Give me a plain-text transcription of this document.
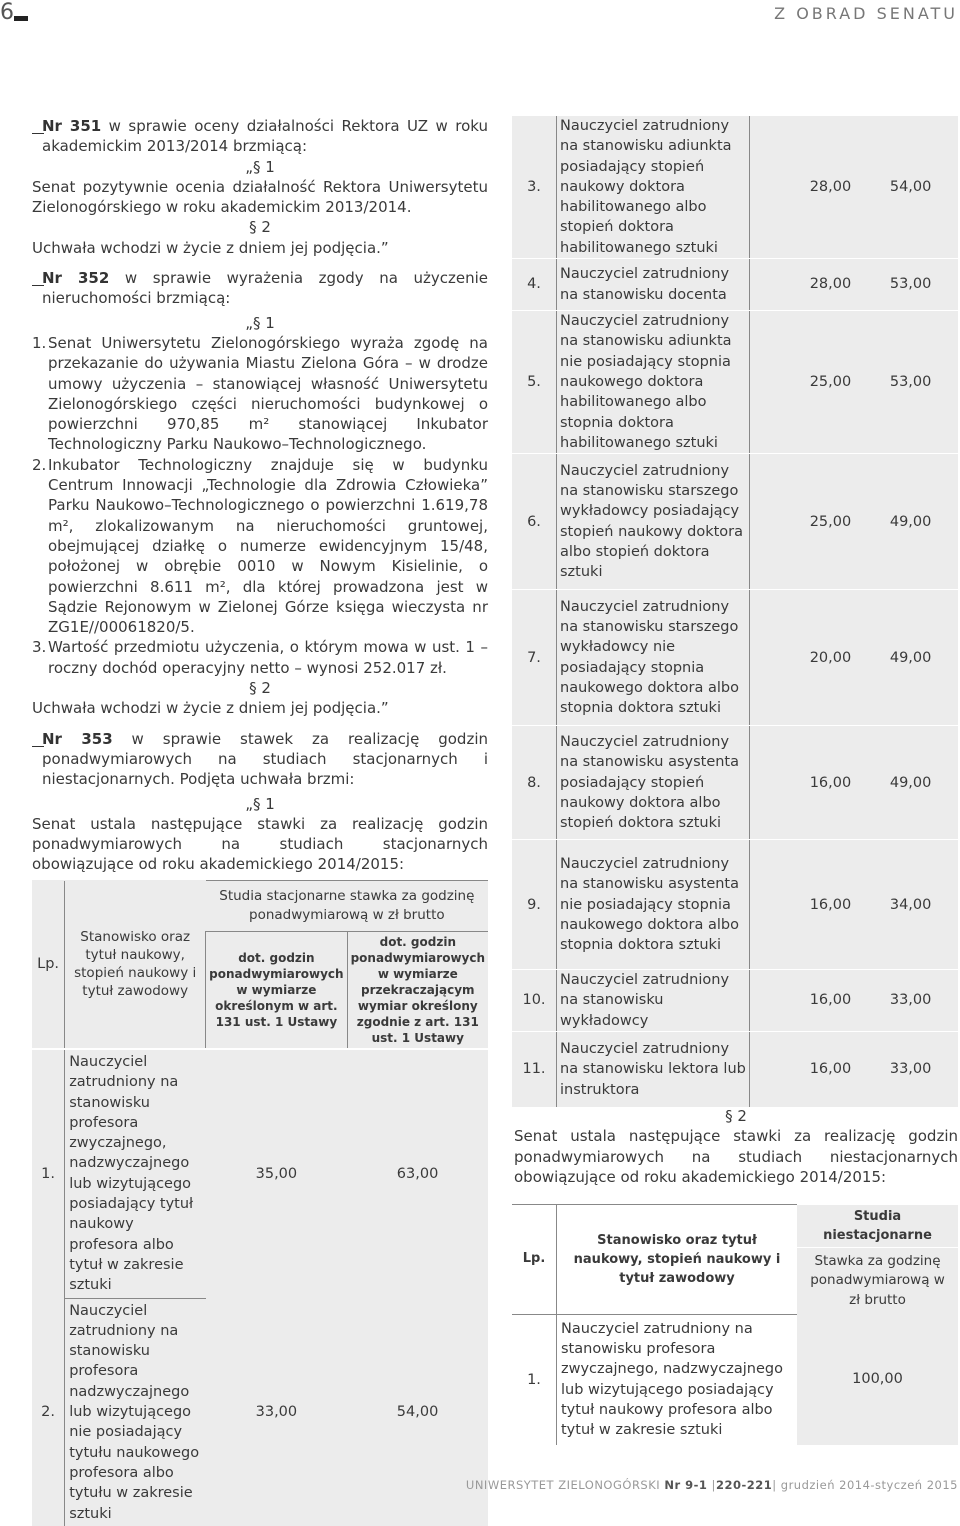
6	Z OBRAD SENATU

Nr 351 w sprawie oceny działalności Rektora UZ w roku akademickim 2013/2014 brzmiącą:

„§ 1

Senat pozytywnie ocenia działalność Rektora Uniwersytetu Zielonogórskiego w roku akademickim 2013/2014.

§ 2

Uchwała wchodzi w życie z dniem jej podjęcia.”

Nr 352 w sprawie wyrażenia zgody na użyczenie nieruchomości brzmiącą:

„§ 1

1. Senat Uniwersytetu Zielonogórskiego wyraża zgodę na przekazanie do używania Miastu Zielona Góra – w drodze umowy użyczenia – stanowiącej własność Uniwersytetu Zielonogórskiego części nieruchomości budynkowej o powierzchni 970,85 m² stanowiącej Inkubator Technologiczny Parku Naukowo–Technologicznego.
2. Inkubator Technologiczny znajduje się w budynku Centrum Innowacji „Technologie dla Zdrowia Człowieka” Parku Naukowo–Technologicznego o powierzchni 1.619,78 m², zlokalizowanym na nieruchomości gruntowej, obejmującej działkę o numerze ewidencyjnym 15/48, położonej w obrębie 0010 w Nowym Kisielinie, o powierzchni 8.611 m², dla której prowadzona jest w Sądzie Rejonowym w Zielonej Górze księga wieczysta nr ZG1E//00061820/5.
3. Wartość przedmiotu użyczenia, o którym mowa w ust. 1 – roczny dochód operacyjny netto – wynosi 252.017 zł.

§ 2

Uchwała wchodzi w życie z dniem jej podjęcia.”

Nr 353 w sprawie stawek za realizację godzin ponadwymiarowych na studiach stacjonarnych i niestacjonarnych. Podjęta uchwała brzmi:

„§ 1

Senat ustala następujące stawki za realizację godzin ponadwymiarowych na studiach stacjonarnych obowiązujące od roku akademickiego 2014/2015:

Lp.	Stanowisko oraz tytuł naukowy, stopień naukowy i tytuł zawodowy	Studia stacjonarne stawka za godzinę ponadwymiarową w zł brutto	
		dot. godzin ponadwymiarowych w wymiarze określonym w art. 131 ust. 1 Ustawy	dot. godzin ponadwymiarowych w wymiarze przekraczającym wymiar określony zgodnie z art. 131 ust. 1 Ustawy
1.	Nauczyciel zatrudniony na stanowisku profesora zwyczajnego, nadzwyczajnego lub wizytującego posiadający tytuł naukowy profesora albo tytuł w zakresie sztuki	35,00	63,00
2.	Nauczyciel zatrudniony na stanowisku profesora nadzwyczajnego lub wizytującego nie posiadający tytułu naukowego profesora albo tytułu w zakresie sztuki	33,00	54,00
3.	Nauczyciel zatrudniony na stanowisku adiunkta posiadający stopień naukowy doktora habilitowanego albo stopień doktora habilitowanego sztuki	28,00	54,00
4.	Nauczyciel zatrudniony na stanowisku docenta	28,00	53,00
5.	Nauczyciel zatrudniony na stanowisku adiunkta nie posiadający stopnia naukowego doktora habilitowanego albo stopnia doktora habilitowanego sztuki	25,00	53,00
6.	Nauczyciel zatrudniony na stanowisku starszego wykładowcy posiadający stopień naukowy doktora albo stopień doktora sztuki	25,00	49,00
7.	Nauczyciel zatrudniony na stanowisku starszego wykładowcy nie posiadający stopnia naukowego doktora albo stopnia doktora sztuki	20,00	49,00
8.	Nauczyciel zatrudniony na stanowisku asystenta posiadający stopień naukowy doktora albo stopień doktora sztuki	16,00	49,00
9.	Nauczyciel zatrudniony na stanowisku asystenta nie posiadający stopnia naukowego doktora albo stopnia doktora sztuki	16,00	34,00
10.	Nauczyciel zatrudniony na stanowisku wykładowcy	16,00	33,00
11.	Nauczyciel zatrudniony na stanowisku lektora lub instruktora	16,00	33,00

§ 2

Senat ustala następujące stawki za realizację godzin ponadwymiarowych na studiach niestacjonarnych obowiązujące od roku akademickiego 2014/2015:

Lp.	Stanowisko oraz tytuł naukowy, stopień naukowy i tytuł zawodowy	Studia niestacjonarne
		Stawka za godzinę ponadwymiarową w zł brutto
1.	Nauczyciel zatrudniony na stanowisku profesora zwyczajnego, nadzwyczajnego lub wizytującego posiadający tytuł naukowy profesora albo tytuł w zakresie sztuki	100,00
UNIWERSYTET ZIELONOGÓRSKI Nr 9-1 |220-221| grudzień 2014-styczeń 2015
